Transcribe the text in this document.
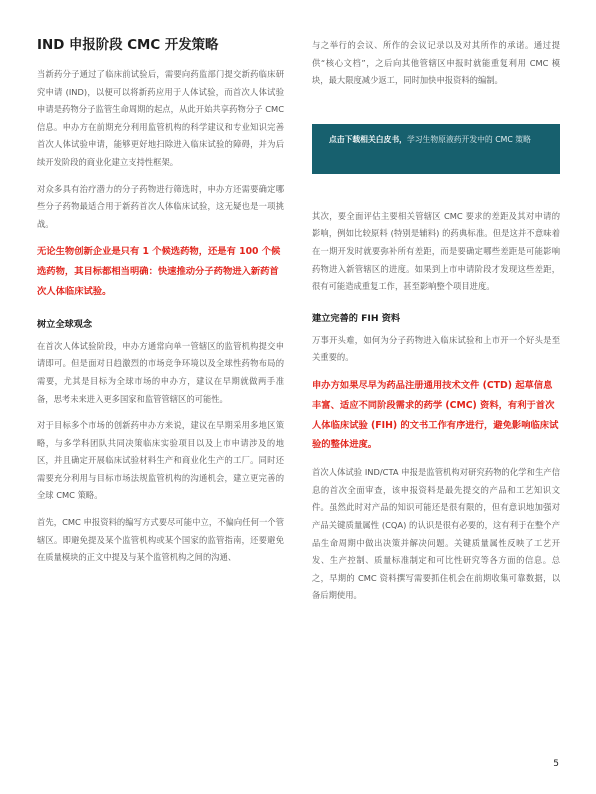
IND 申报阶段 CMC 开发策略

当新药分子通过了临床前试验后，需要向药监部门提交新药临床研究申请 (IND)，以便可以将新药应用于人体试验，而首次人体试验申请是药物分子监管生命周期的起点，从此开始共享药物分子 CMC 信息。申办方在前期充分利用监管机构的科学建议和专业知识完善首次人体试验申请，能够更好地扫除进入临床试验的障碍，并为后续开发阶段的商业化建立支持性框架。

对众多具有治疗潜力的分子药物进行筛选时，申办方还需要确定哪些分子药物最适合用于新药首次人体临床试验，这无疑也是一项挑战。

无论生物创新企业是只有 1 个候选药物，还是有 100 个候选药物，其目标都相当明确：快速推动分子药物进入新药首次人体临床试验。

树立全球观念

在首次人体试验阶段，申办方通常向单一管辖区的监管机构提交申请即可。但是面对日趋激烈的市场竞争环境以及全球性药物布局的需要，尤其是目标为全球市场的申办方，建议在早期就做两手准备，思考未来进入更多国家和监管管辖区的可能性。

对于目标多个市场的创新药申办方来说，建议在早期采用多地区策略，与多学科团队共同决策临床实验项目以及上市申请涉及的地区，并且确定开展临床试验材料生产和商业化生产的工厂。同时还需要充分利用与目标市场法规监管机构的沟通机会，建立更完善的全球 CMC 策略。

首先，CMC 申报资料的编写方式要尽可能中立，不偏向任何一个管辖区。即避免提及某个监管机构或某个国家的监管指南，还要避免在质量模块的正文中提及与某个监管机构之间的沟通、

与之举行的会议、所作的会议记录以及对其所作的承诺。通过提供“核心文档”，之后向其他管辖区申报时就能重复利用 CMC 模块，最大限度减少返工，同时加快申报资料的编制。

点击下载相关白皮书，学习生物原液药开发中的 CMC 策略

其次，要全面评估主要相关管辖区 CMC 要求的差距及其对申请的影响，例如比较原料 (特别是辅料) 的药典标准。但是这并不意味着在一期开发时就要弥补所有差距，而是要确定哪些差距是可能影响药物进入新管辖区的进度。如果到上市申请阶段才发现这些差距，很有可能造成重复工作，甚至影响整个项目进度。

建立完善的 FIH 资料

万事开头难，如何为分子药物进入临床试验和上市开一个好头是至关重要的。

申办方如果尽早为药品注册通用技术文件 (CTD) 起草信息丰富、适应不同阶段需求的药学 (CMC) 资料，有利于首次人体临床试验 (FIH) 的文书工作有序进行，避免影响临床试验的整体进度。

首次人体试验 IND/CTA 申报是监管机构对研究药物的化学和生产信息的首次全面审查，该申报资料是最先提交的产品和工艺知识文件。虽然此时对产品的知识可能还是很有限的，但有意识地加强对产品关键质量属性 (CQA) 的认识是很有必要的，这有利于在整个产品生命周期中做出决策并解决问题。关键质量属性反映了工艺开发、生产控制、质量标准制定和可比性研究等各方面的信息。总之，早期的 CMC 资料撰写需要抓住机会在前期收集可靠数据，以备后期使用。

5
